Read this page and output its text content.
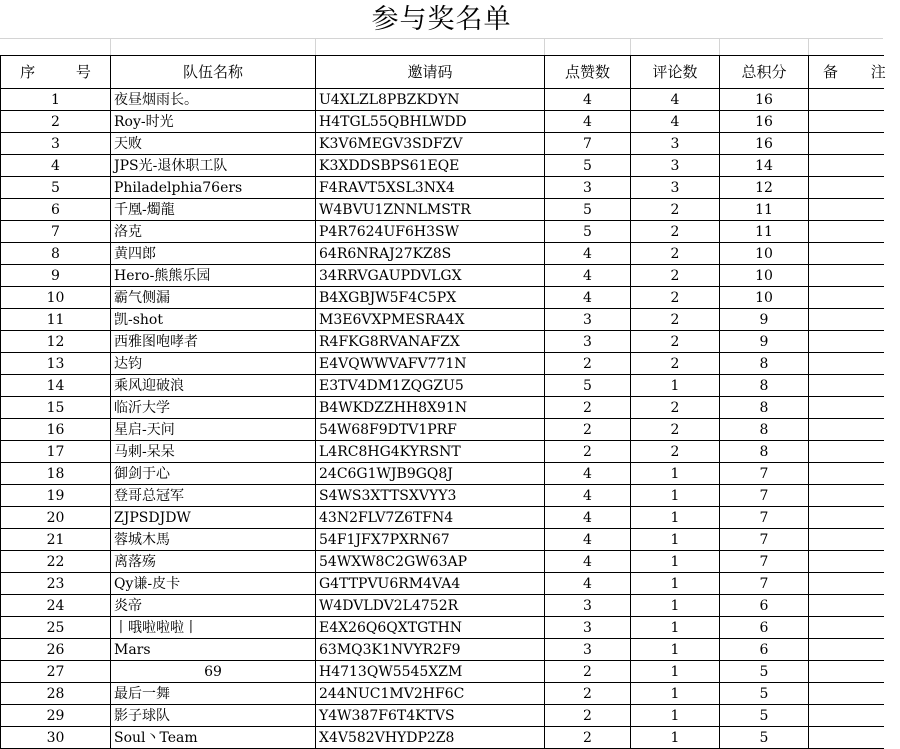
参与奖名单
序 号	队伍名称	邀请码	点赞数	评论数	总积分	备 注
1	夜昼烟雨长。	U4XLZL8PBZKDYN	4	4	16	
2	Roy-时光	H4TGL55QBHLWDD	4	4	16	
3	天败	K3V6MEGV3SDFZV	7	3	16	
4	JPS光-退休职工队	K3XDDSBPS61EQE	5	3	14	
5	Philadelphia76ers	F4RAVT5XSL3NX4	3	3	12	
6	千凰-燭龍	W4BVU1ZNNLMSTR	5	2	11	
7	洛克	P4R7624UF6H3SW	5	2	11	
8	黄四郎	64R6NRAJ27KZ8S	4	2	10	
9	Hero-熊熊乐园	34RRVGAUPDVLGX	4	2	10	
10	霸气侧漏	B4XGBJW5F4C5PX	4	2	10	
11	凯-shot	M3E6VXPMESRA4X	3	2	9	
12	西雅图咆哮者	R4FKG8RVANAFZX	3	2	9	
13	达钧	E4VQWWVAFV771N	2	2	8	
14	乘风迎破浪	E3TV4DM1ZQGZU5	5	1	8	
15	临沂大学	B4WKDZZHH8X91N	2	2	8	
16	星启-天问	54W68F9DTV1PRF	2	2	8	
17	马刺-呆呆	L4RC8HG4KYRSNT	2	2	8	
18	御剑于心	24C6G1WJB9GQ8J	4	1	7	
19	登哥总冠军	S4WS3XTTSXVYY3	4	1	7	
20	ZJPSDJDW	43N2FLV7Z6TFN4	4	1	7	
21	蓉城木馬	54F1JFX7PXRN67	4	1	7	
22	离落殇	54WXW8C2GW63AP	4	1	7	
23	Qy谦-皮卡	G4TTPVU6RM4VA4	4	1	7	
24	炎帝	W4DVLDV2L4752R	3	1	6	
25	丨哦啦啦啦丨	E4X26Q6QXTGTHN	3	1	6	
26	Mars	63MQ3K1NVYR2F9	3	1	6	
27	69	H4713QW5545XZM	2	1	5	
28	最后一舞	244NUC1MV2HF6C	2	1	5	
29	影子球队	Y4W387F6T4KTVS	2	1	5	
30	Soul丶Team	X4V582VHYDP2Z8	2	1	5	
